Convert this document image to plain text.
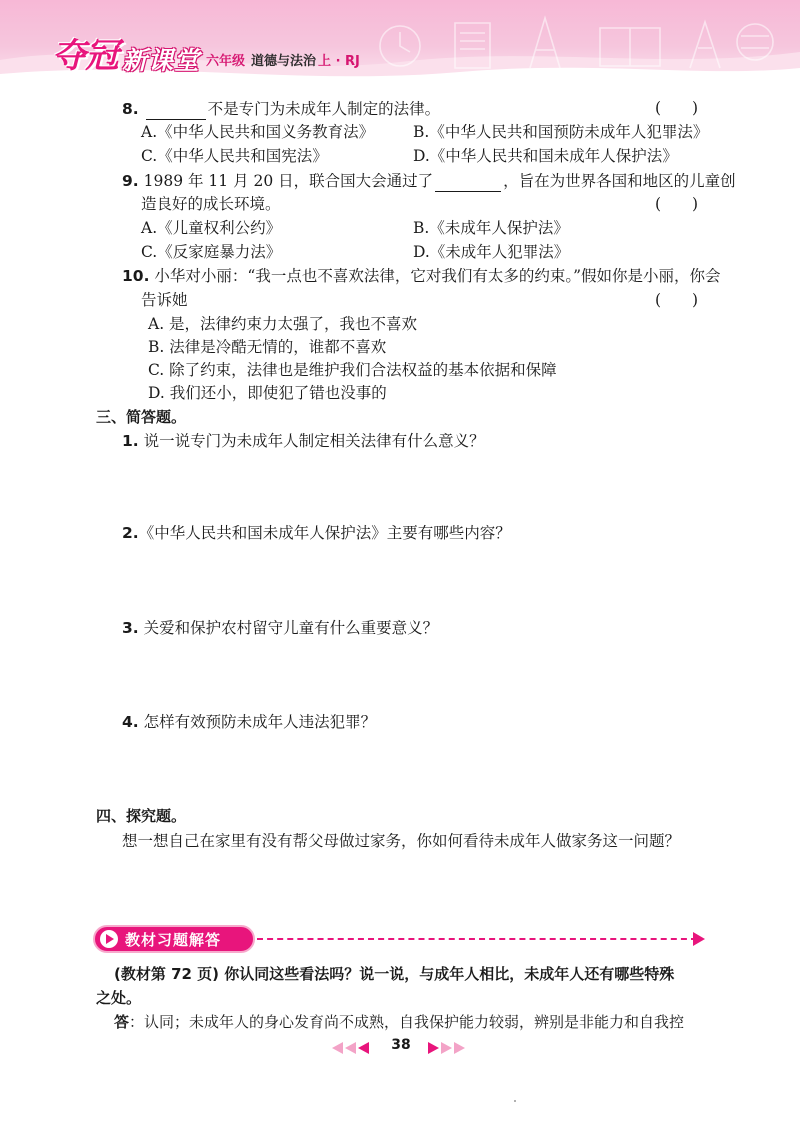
夺冠 新课堂 六年级 道德与法治 上 · RJ
8.	不是专门为未成年人制定的法律。	(　　)
A.《中华人民共和国义务教育法》	B.《中华人民共和国预防未成年人犯罪法》
C.《中华人民共和国宪法》	D.《中华人民共和国未成年人保护法》
9. 1989 年 11 月 20 日，联合国大会通过了	，旨在为世界各国和地区的儿童创
造良好的成长环境。	(　　)
A.《儿童权利公约》	B.《未成年人保护法》
C.《反家庭暴力法》	D.《未成年人犯罪法》
10. 小华对小丽：“我一点也不喜欢法律，它对我们有太多的约束。”假如你是小丽，你会
告诉她	(　　)
A. 是，法律约束力太强了，我也不喜欢
B. 法律是冷酷无情的，谁都不喜欢
C. 除了约束，法律也是维护我们合法权益的基本依据和保障
D. 我们还小，即使犯了错也没事的
三、简答题。
1. 说一说专门为未成年人制定相关法律有什么意义？
2.《中华人民共和国未成年人保护法》主要有哪些内容？
3. 关爱和保护农村留守儿童有什么重要意义？
4. 怎样有效预防未成年人违法犯罪？
四、探究题。
想一想自己在家里有没有帮父母做过家务，你如何看待未成年人做家务这一问题？
教材习题解答
(教材第 72 页) 你认同这些看法吗？说一说，与成年人相比，未成年人还有哪些特殊
之处。
答：认同；未成年人的身心发育尚不成熟，自我保护能力较弱，辨别是非能力和自我控
38
